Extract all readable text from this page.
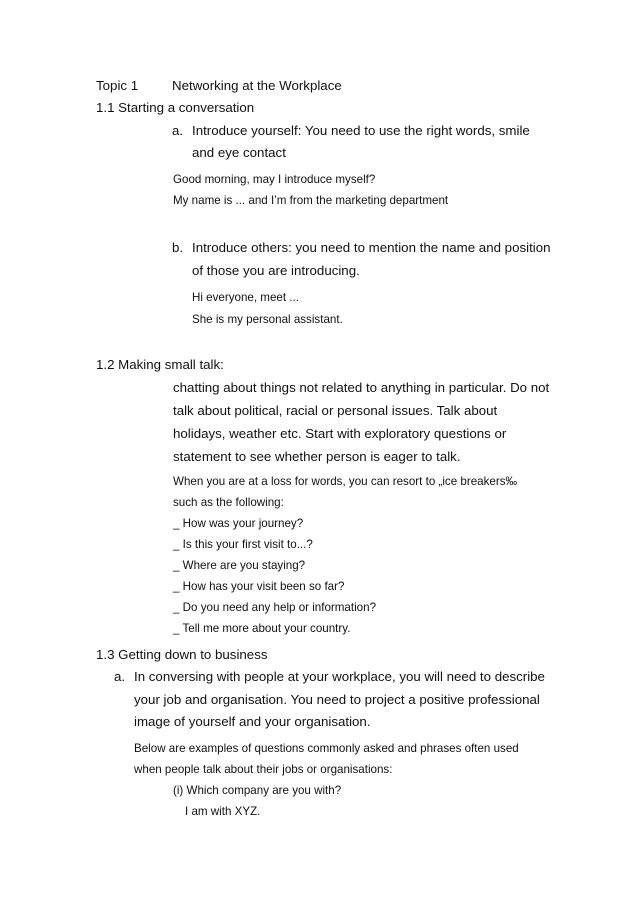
Topic 1	Networking at the Workplace
1.1 Starting a conversation
a. Introduce yourself: You need to use the right words, smile
and eye contact
Good morning, may I introduce myself?
My name is ... and I’m from the marketing department
b. Introduce others: you need to mention the name and position
of those you are introducing.
Hi everyone, meet ...
She is my personal assistant.
1.2 Making small talk:
chatting about things not related to anything in particular. Do not
talk about political, racial or personal issues. Talk about
holidays, weather etc. Start with exploratory questions or
statement to see whether person is eager to talk.
When you are at a loss for words, you can resort to „ice breakers‰
such as the following:
_ How was your journey?
_ Is this your first visit to...?
_ Where are you staying?
_ How has your visit been so far?
_ Do you need any help or information?
_ Tell me more about your country.
1.3 Getting down to business
a. In conversing with people at your workplace, you will need to describe
your job and organisation. You need to project a positive professional
image of yourself and your organisation.
Below are examples of questions commonly asked and phrases often used
when people talk about their jobs or organisations:
(i) Which company are you with?
I am with XYZ.
